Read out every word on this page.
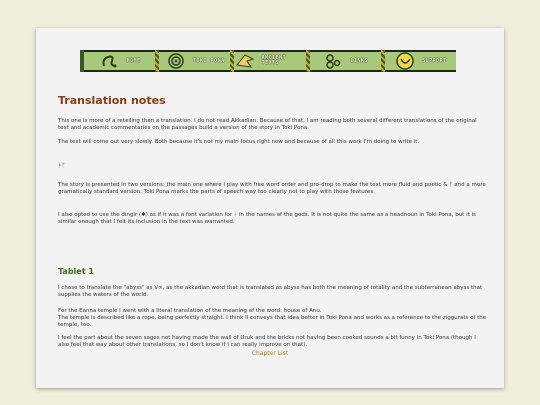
HOME	TOKI PONA	ANCIENT TEXTS	LINKS	SUPPORT
Translation notes

This one is more of a retelling than a translation. I do not read Akkadian. Because of that, I am reading both several different translations of the original text and academic commentaries on the passages build a version of the story in Toki Pona.

The text will come out very slowly. Both because it's not my main focus right now and because of all this work I'm doing to write it.

ᚼᚠ

The story is presented in two versions: the main one where I play with free word order and pro-drop to make the text more fluid and poetic & ᚠ and a more gramatically standard version. Toki Pona marks the parts of speech way too clearly not to play with those features.

I also opted to use the dingir (✱) as if it was a font variation for ᚿ in the names of the gods. It is not quite the same as a headnoun in Toki Pona, but it is similar enough that I felt its inclusion in the text was warranted.

Tablet 1

I chose to translate the "abyss" as V∞, as the akkadian word that is translated as abyss has both the meaning of totality and the subterranean abyss that supplies the waters of the world.

For the Eanna temple I went with a literal translation of the meaning of the word: house of Anu.

The temple is described like a rope, being perfectly straight. I think ⌷ conveys that idea better in Toki Pona and works as a reference to the ziggurats of the temple, too.

I feel the part about the seven sages not having made the wall of Uruk and the bricks not having been cooked sounds a bit funny in Toki Pona (though I also feel that way about other translations, so I don't know if I can really improve on that).

Chapter List
